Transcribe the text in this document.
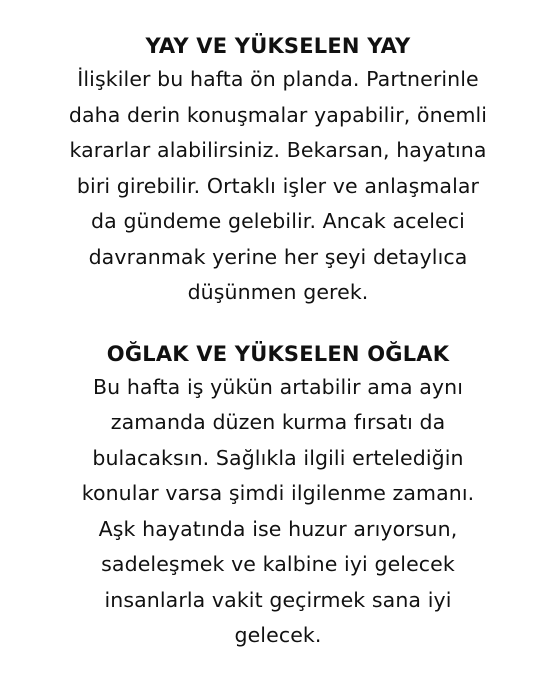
YAY VE YÜKSELEN YAY

İlişkiler bu hafta ön planda. Partnerinle
daha derin konuşmalar yapabilir, önemli
kararlar alabilirsiniz. Bekarsan, hayatına
biri girebilir. Ortaklı işler ve anlaşmalar
da gündeme gelebilir. Ancak aceleci
davranmak yerine her şeyi detaylıca
düşünmen gerek.

OĞLAK VE YÜKSELEN OĞLAK

Bu hafta iş yükün artabilir ama aynı
zamanda düzen kurma fırsatı da
bulacaksın. Sağlıkla ilgili ertelediğin
konular varsa şimdi ilgilenme zamanı.
Aşk hayatında ise huzur arıyorsun,
sadeleşmek ve kalbine iyi gelecek
insanlarla vakit geçirmek sana iyi
gelecek.
